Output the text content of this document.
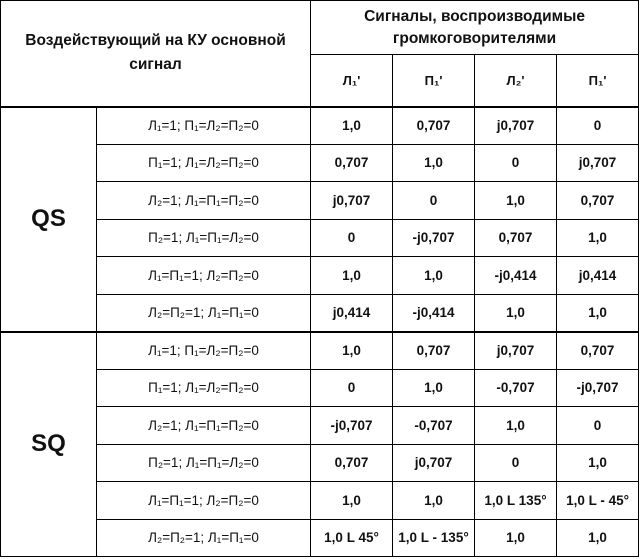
Воздействующий на КУ основной сигнал		Сигналы, воспроизводимые громкоговорителями			
		Л₁'	П₁'	Л₂'	П₁'
QS	Л₁=1; П₁=Л₂=П₂=0	1,0	0,707	j0,707	0
	П₁=1; Л₁=Л₂=П₂=0	0,707	1,0	0	j0,707
	Л₂=1; Л₁=П₁=П₂=0	j0,707	0	1,0	0,707
	П₂=1; Л₁=П₁=Л₂=0	0	-j0,707	0,707	1,0
	Л₁=П₁=1; Л₂=П₂=0	1,0	1,0	-j0,414	j0,414
	Л₂=П₂=1; Л₁=П₁=0	j0,414	-j0,414	1,0	1,0
SQ	Л₁=1; П₁=Л₂=П₂=0	1,0	0,707	j0,707	0,707
	П₁=1; Л₁=Л₂=П₂=0	0	1,0	-0,707	-j0,707
	Л₂=1; Л₁=П₁=П₂=0	-j0,707	-0,707	1,0	0
	П₂=1; Л₁=П₁=Л₂=0	0,707	j0,707	0	1,0
	Л₁=П₁=1; Л₂=П₂=0	1,0	1,0	1,0 L 135°	1,0 L - 45°
	Л₂=П₂=1; Л₁=П₁=0	1,0 L 45°	1,0 L - 135°	1,0	1,0
